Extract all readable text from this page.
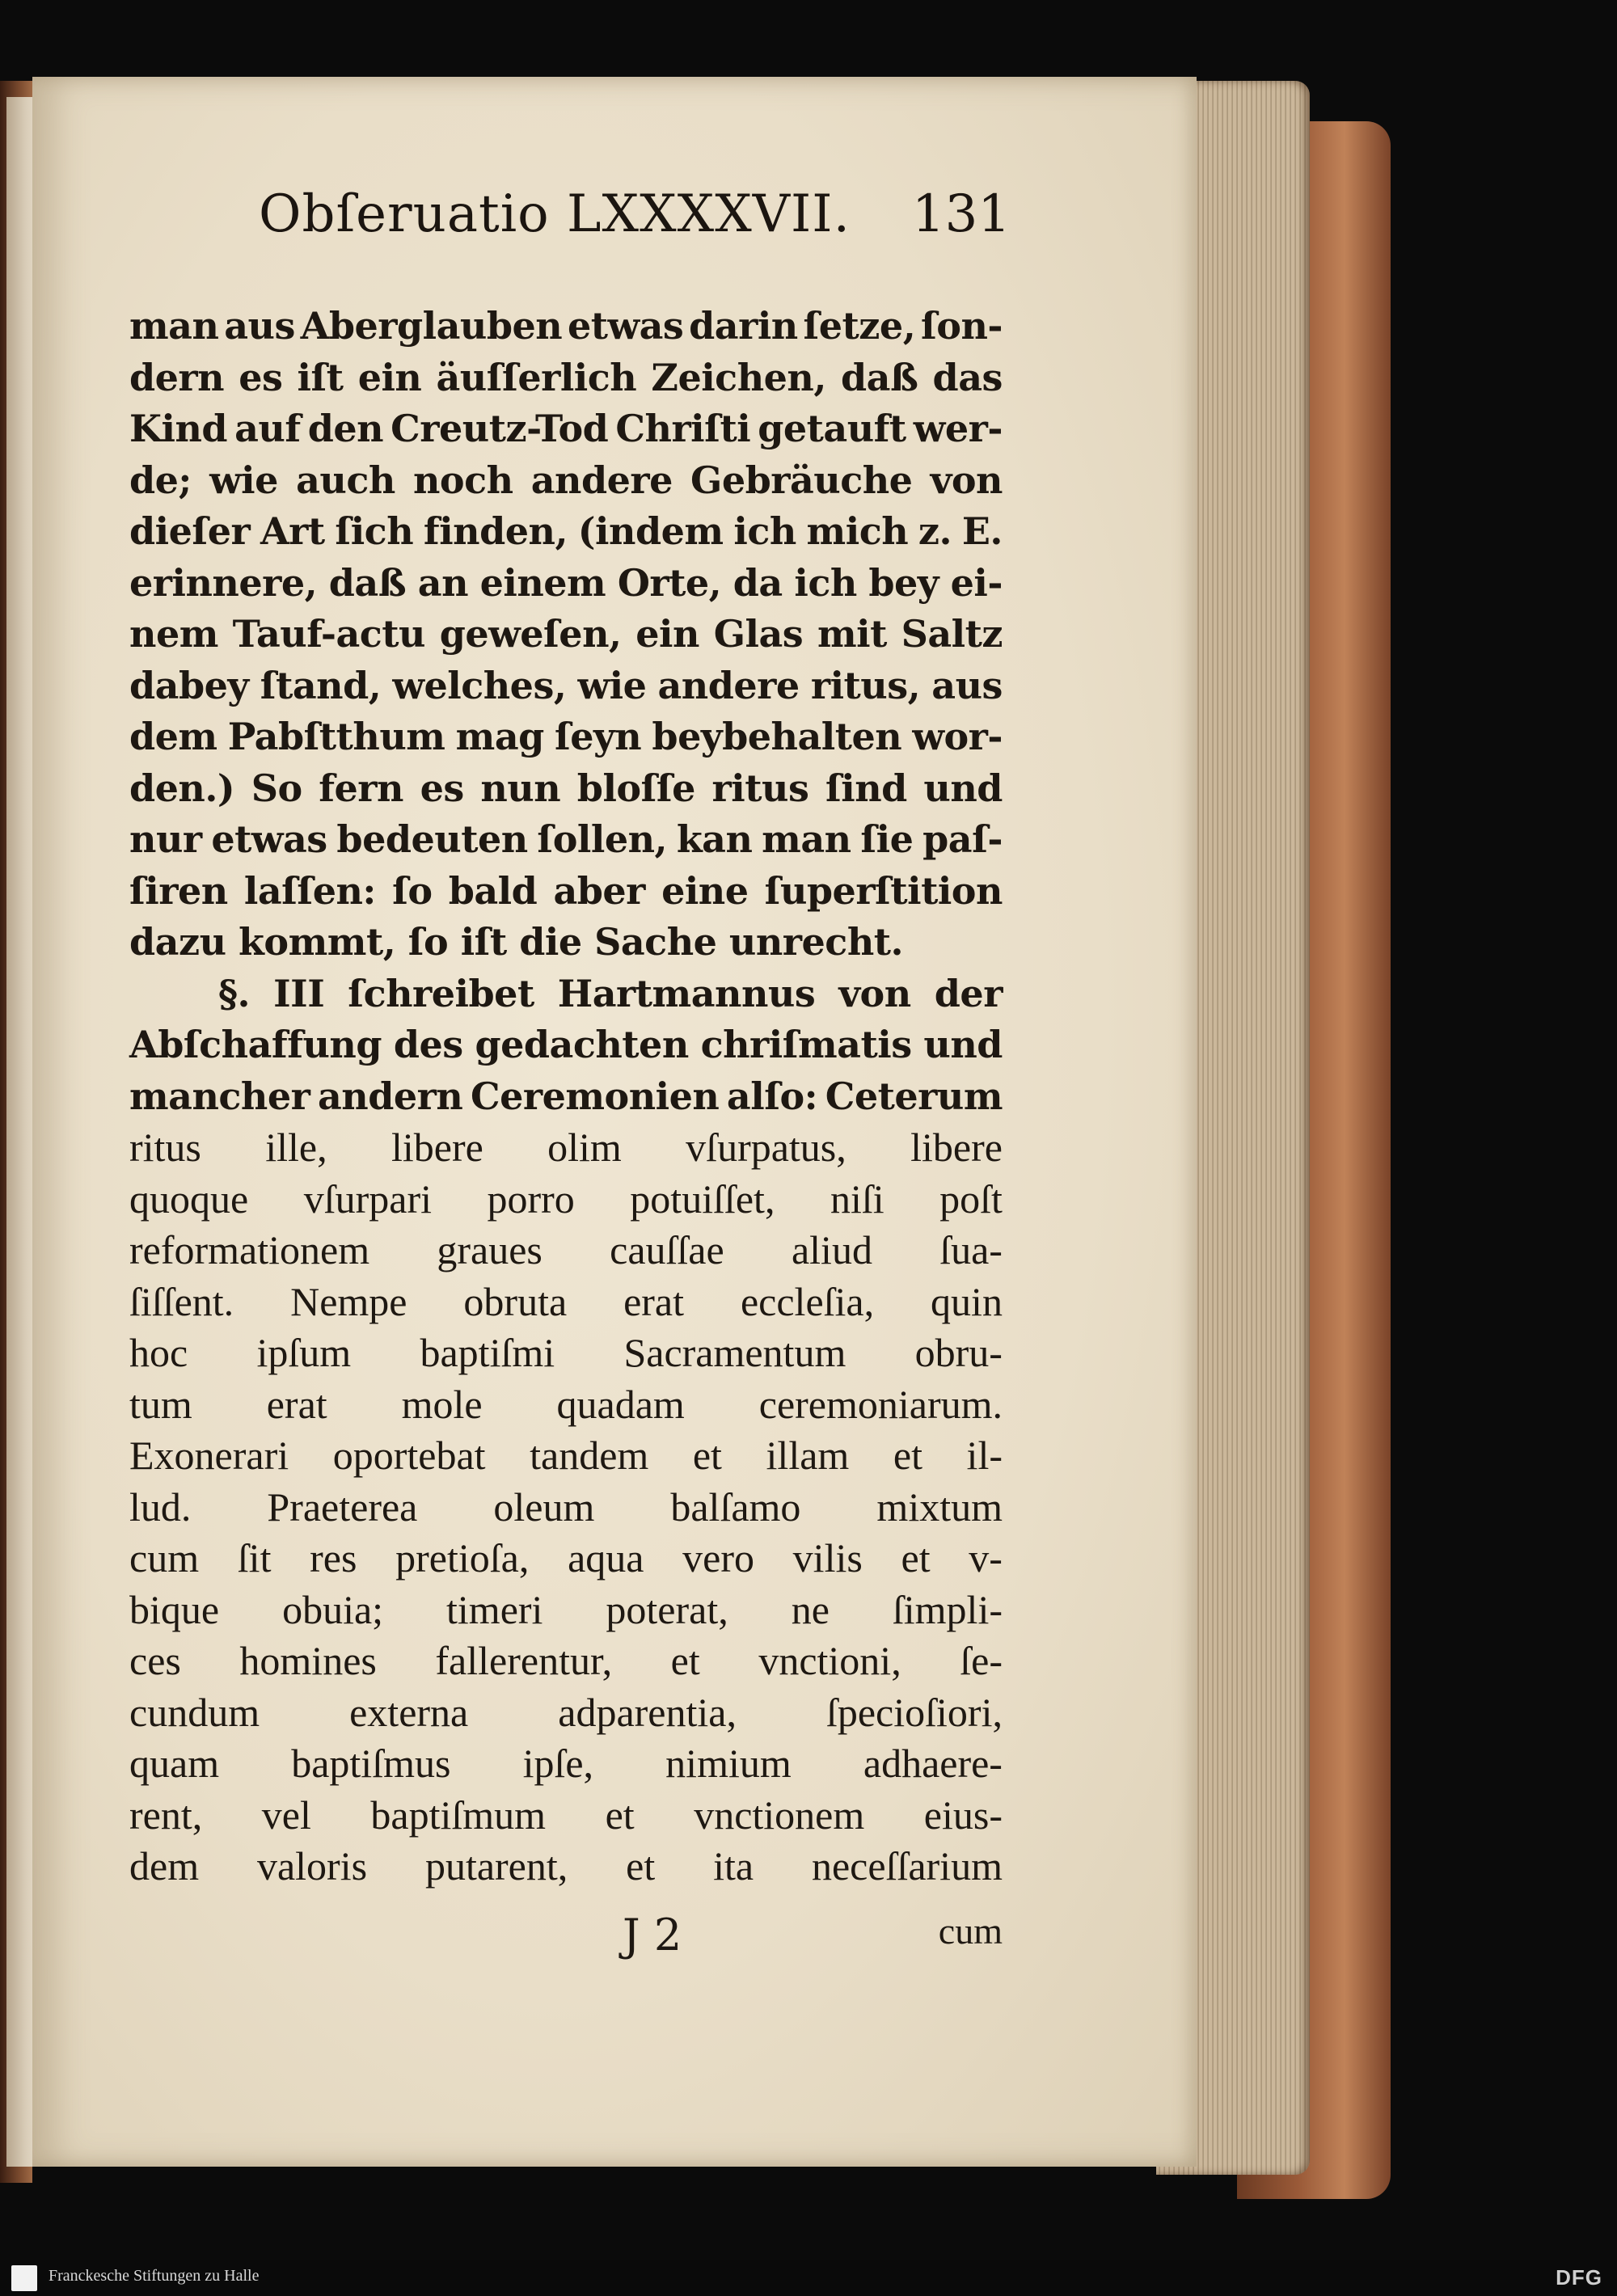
Obſeruatio LXXXXVII. 131
man aus Aberglauben etwas darin ſetze, ſon-
dern es iſt ein äuſſerlich Zeichen, daß das
Kind auf den Creutz-Tod Chriſti getauft wer-
de; wie auch noch andere Gebräuche von
dieſer Art ſich finden, (indem ich mich z. E.
erinnere, daß an einem Orte, da ich bey ei-
nem Tauf-actu geweſen, ein Glas mit Saltz
dabey ſtand, welches, wie andere ritus, aus
dem Pabſtthum mag ſeyn beybehalten wor-
den.) So fern es nun bloſſe ritus ſind und
nur etwas bedeuten ſollen, kan man ſie paſ-
ſiren laſſen: ſo bald aber eine ſuperſtition
dazu kommt, ſo iſt die Sache unrecht.
§. III ſchreibet Hartmannus von der
Abſchaffung des gedachten chriſmatis und
mancher andern Ceremonien alſo: Ceterum
ritus ille, libere olim vſurpatus, libere
quoque vſurpari porro potuiſſet, niſi poſt
reformationem graues cauſſae aliud ſua-
ſiſſent. Nempe obruta erat eccleſia, quin
hoc ipſum baptiſmi Sacramentum obru-
tum erat mole quadam ceremoniarum.
Exonerari oportebat tandem et illam et il-
lud. Praeterea oleum balſamo mixtum
cum ſit res pretioſa, aqua vero vilis et v-
bique obuia; timeri poterat, ne ſimpli-
ces homines fallerentur, et vnctioni, ſe-
cundum externa adparentia, ſpecioſiori,
quam baptiſmus ipſe, nimium adhaere-
rent, vel baptiſmum et vnctionem eius-
dem valoris putarent, et ita neceſſarium
J 2	cum
Franckesche Stiftungen zu Halle	DFG
